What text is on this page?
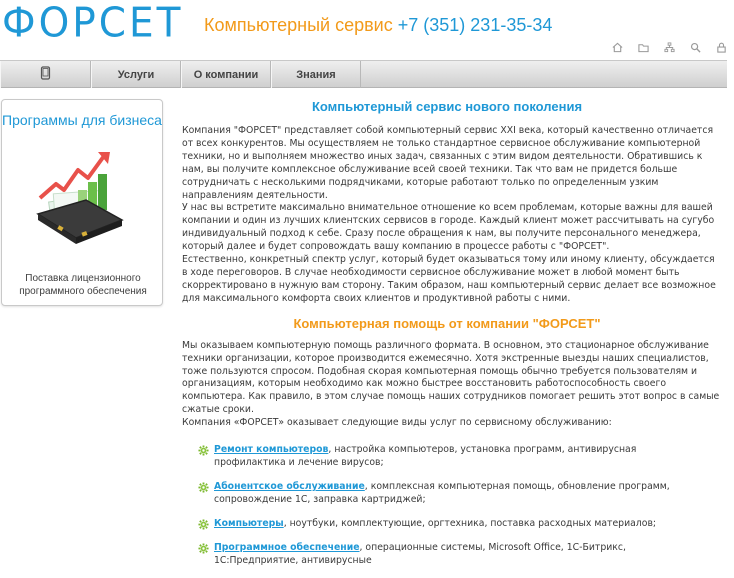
ФОРСЕТ Компьютерный сервис +7 (351) 231-35-34
Услуги	О компании	Знания
Программы для бизнеса
Поставка лицензионного программного обеспечения
Компьютерный сервис нового поколения

Компания "ФОРСЕТ" представляет собой компьютерный сервис XXI века, который качественно отличается от всех конкурентов. Мы осуществляем не только стандартное сервисное обслуживание компьютерной техники, но и выполняем множество иных задач, связанных с этим видом деятельности. Обратившись к нам, вы получите комплексное обслуживание всей своей техники. Так что вам не придется больше сотрудничать с несколькими подрядчиками, которые работают только по определенным узким направлениям деятельности.

У нас вы встретите максимально внимательное отношение ко всем проблемам, которые важны для вашей компании и один из лучших клиентских сервисов в городе. Каждый клиент может рассчитывать на сугубо индивидуальный подход к себе. Сразу после обращения к нам, вы получите персонального менеджера, который далее и будет сопровождать вашу компанию в процессе работы с "ФОРСЕТ".

Естественно, конкретный спектр услуг, который будет оказываться тому или иному клиенту, обсуждается в ходе переговоров. В случае необходимости сервисное обслуживание может в любой момент быть скорректировано в нужную вам сторону. Таким образом, наш компьютерный сервис делает все возможное для максимального комфорта своих клиентов и продуктивной работы с ними.

Компьютерная помощь от компании "ФОРСЕТ"

Мы оказываем компьютерную помощь различного формата. В основном, это стационарное обслуживание техники организации, которое производится ежемесячно. Хотя экстренные выезды наших специалистов, тоже пользуются спросом. Подобная скорая компьютерная помощь обычно требуется пользователям и организациям, которым необходимо как можно быстрее восстановить работоспособность своего компьютера. Как правило, в этом случае помощь наших сотрудников помогает решить этот вопрос в самые сжатые сроки.

Компания «ФОРСЕТ» оказывает следующие виды услуг по сервисному обслуживанию:

Ремонт компьютеров, настройка компьютеров, установка программ, антивирусная профилактика и лечение вирусов;
Абонентское обслуживание, комплексная компьютерная помощь, обновление программ, сопровождение 1С, заправка картриджей;
Компьютеры, ноутбуки, комплектующие, оргтехника, поставка расходных материалов;
Программное обеспечение, операционные системы, Microsoft Office, 1С-Битрикс, 1С:Предприятие, антивирусные
